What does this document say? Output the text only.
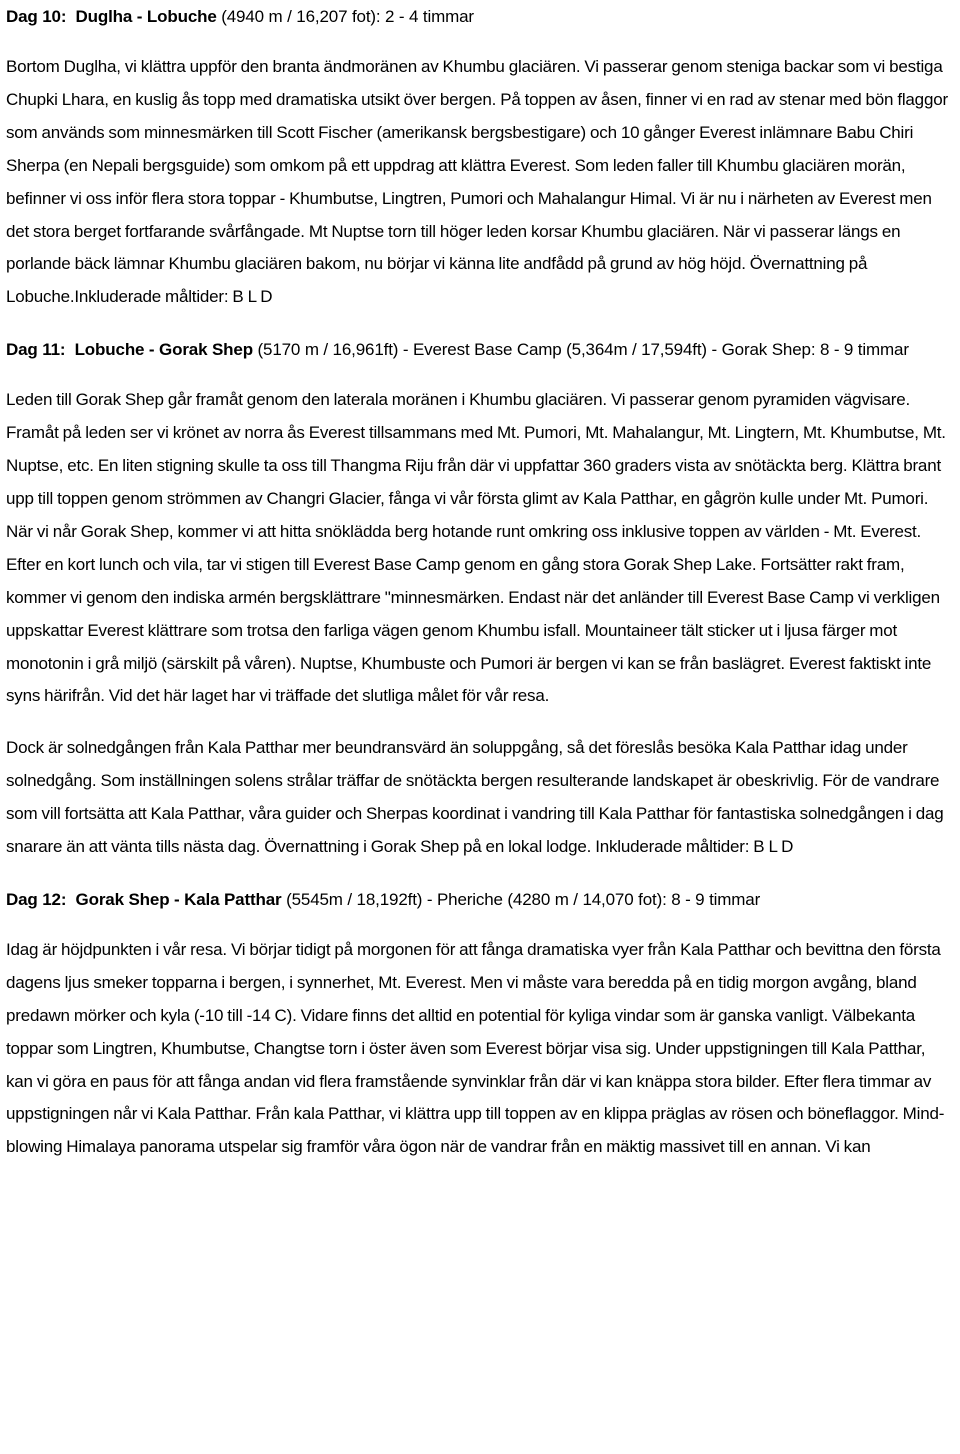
Dag 10: Duglha - Lobuche (4940 m / 16,207 fot): 2 - 4 timmar

Bortom Duglha, vi klättra uppför den branta ändmoränen av Khumbu glaciären. Vi passerar genom steniga backar som vi bestiga Chupki Lhara, en kuslig ås topp med dramatiska utsikt över bergen. På toppen av åsen, finner vi en rad av stenar med bön flaggor som används som minnesmärken till Scott Fischer (amerikansk bergsbestigare) och 10 gånger Everest inlämnare Babu Chiri Sherpa (en Nepali bergsguide) som omkom på ett uppdrag att klättra Everest. Som leden faller till Khumbu glaciären morän, befinner vi oss inför flera stora toppar - Khumbutse, Lingtren, Pumori och Mahalangur Himal. Vi är nu i närheten av Everest men det stora berget fortfarande svårfångade. Mt Nuptse torn till höger leden korsar Khumbu glaciären. När vi passerar längs en porlande bäck lämnar Khumbu glaciären bakom, nu börjar vi känna lite andfådd på grund av hög höjd. Övernattning på Lobuche.Inkluderade måltider: B L D

Dag 11: Lobuche - Gorak Shep (5170 m / 16,961ft) - Everest Base Camp (5,364m / 17,594ft) - Gorak Shep: 8 - 9 timmar

Leden till Gorak Shep går framåt genom den laterala moränen i Khumbu glaciären. Vi passerar genom pyramiden vägvisare. Framåt på leden ser vi krönet av norra ås Everest tillsammans med Mt. Pumori, Mt. Mahalangur, Mt. Lingtern, Mt. Khumbutse, Mt. Nuptse, etc. En liten stigning skulle ta oss till Thangma Riju från där vi uppfattar 360 graders vista av snötäckta berg. Klättra brant upp till toppen genom strömmen av Changri Glacier, fånga vi vår första glimt av Kala Patthar, en gågrön kulle under Mt. Pumori. När vi når Gorak Shep, kommer vi att hitta snöklädda berg hotande runt omkring oss inklusive toppen av världen - Mt. Everest. Efter en kort lunch och vila, tar vi stigen till Everest Base Camp genom en gång stora Gorak Shep Lake. Fortsätter rakt fram, kommer vi genom den indiska armén bergsklättrare "minnesmärken. Endast när det anländer till Everest Base Camp vi verkligen uppskattar Everest klättrare som trotsa den farliga vägen genom Khumbu isfall. Mountaineer tält sticker ut i ljusa färger mot monotonin i grå miljö (särskilt på våren). Nuptse, Khumbuste och Pumori är bergen vi kan se från baslägret. Everest faktiskt inte syns härifrån. Vid det här laget har vi träffade det slutliga målet för vår resa.

Dock är solnedgången från Kala Patthar mer beundransvärd än soluppgång, så det föreslås besöka Kala Patthar idag under solnedgång. Som inställningen solens strålar träffar de snötäckta bergen resulterande landskapet är obeskrivlig. För de vandrare som vill fortsätta att Kala Patthar, våra guider och Sherpas koordinat i vandring till Kala Patthar för fantastiska solnedgången i dag snarare än att vänta tills nästa dag. Övernattning i Gorak Shep på en lokal lodge. Inkluderade måltider: B L D

Dag 12: Gorak Shep - Kala Patthar (5545m / 18,192ft) - Pheriche (4280 m / 14,070 fot): 8 - 9 timmar

Idag är höjdpunkten i vår resa. Vi börjar tidigt på morgonen för att fånga dramatiska vyer från Kala Patthar och bevittna den första dagens ljus smeker topparna i bergen, i synnerhet, Mt. Everest. Men vi måste vara beredda på en tidig morgon avgång, bland predawn mörker och kyla (-10 till -14 C). Vidare finns det alltid en potential för kyliga vindar som är ganska vanligt. Välbekanta toppar som Lingtren, Khumbutse, Changtse torn i öster även som Everest börjar visa sig. Under uppstigningen till Kala Patthar, kan vi göra en paus för att fånga andan vid flera framstående synvinklar från där vi kan knäppa stora bilder. Efter flera timmar av uppstigningen når vi Kala Patthar. Från kala Patthar, vi klättra upp till toppen av en klippa präglas av rösen och böneflaggor. Mind-blowing Himalaya panorama utspelar sig framför våra ögon när de vandrar från en mäktig massivet till en annan. Vi kan
